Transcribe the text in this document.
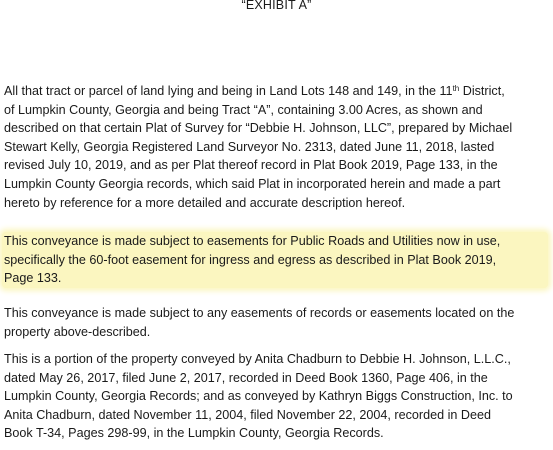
“EXHIBIT A”
All that tract or parcel of land lying and being in Land Lots 148 and 149, in the 11th District,
of Lumpkin County, Georgia and being Tract “A”, containing 3.00 Acres, as shown and
described on that certain Plat of Survey for “Debbie H. Johnson, LLC”, prepared by Michael
Stewart Kelly, Georgia Registered Land Surveyor No. 2313, dated June 11, 2018, lasted
revised July 10, 2019, and as per Plat thereof record in Plat Book 2019, Page 133, in the
Lumpkin County Georgia records, which said Plat in incorporated herein and made a part
hereto by reference for a more detailed and accurate description hereof.
This conveyance is made subject to easements for Public Roads and Utilities now in use,
specifically the 60-foot easement for ingress and egress as described in Plat Book 2019,
Page 133.
This conveyance is made subject to any easements of records or easements located on the
property above-described.
This is a portion of the property conveyed by Anita Chadburn to Debbie H. Johnson, L.L.C.,
dated May 26, 2017, filed June 2, 2017, recorded in Deed Book 1360, Page 406, in the
Lumpkin County, Georgia Records; and as conveyed by Kathryn Biggs Construction, Inc. to
Anita Chadburn, dated November 11, 2004, filed November 22, 2004, recorded in Deed
Book T-34, Pages 298-99, in the Lumpkin County, Georgia Records.
